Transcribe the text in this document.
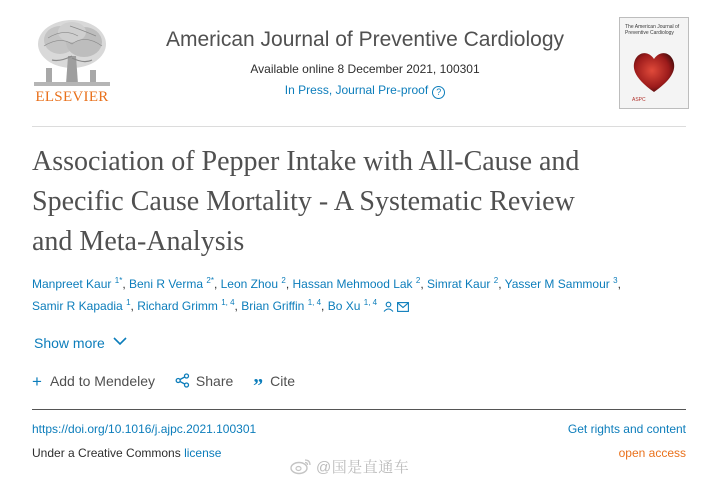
ELSEVIER
American Journal of Preventive Cardiology
Available online 8 December 2021, 100301
In Press, Journal Pre-proof ?
The American Journal of Preventive Cardiology
ASPC
Association of Pepper Intake with All-Cause and
Specific Cause Mortality - A Systematic Review
and Meta-Analysis
Manpreet Kaur $^{1*}$, Beni R Verma $^{2*}$, Leon Zhou $^2$, Hassan Mehmood Lak $^2$, Simrat Kaur $^2$, Yasser M Sammour $^3$,
Samir R Kapadia $^1$, Richard Grimm $^{1, 4}$, Brian Griffin $^{1, 4}$, Bo Xu $^{1, 4}$
Show more
+ Add to Mendeley	Share ” Cite
https://doi.org/10.1016/j.ajpc.2021.100301	Get rights and content
Under a Creative Commons license	open access
@国是直通车
